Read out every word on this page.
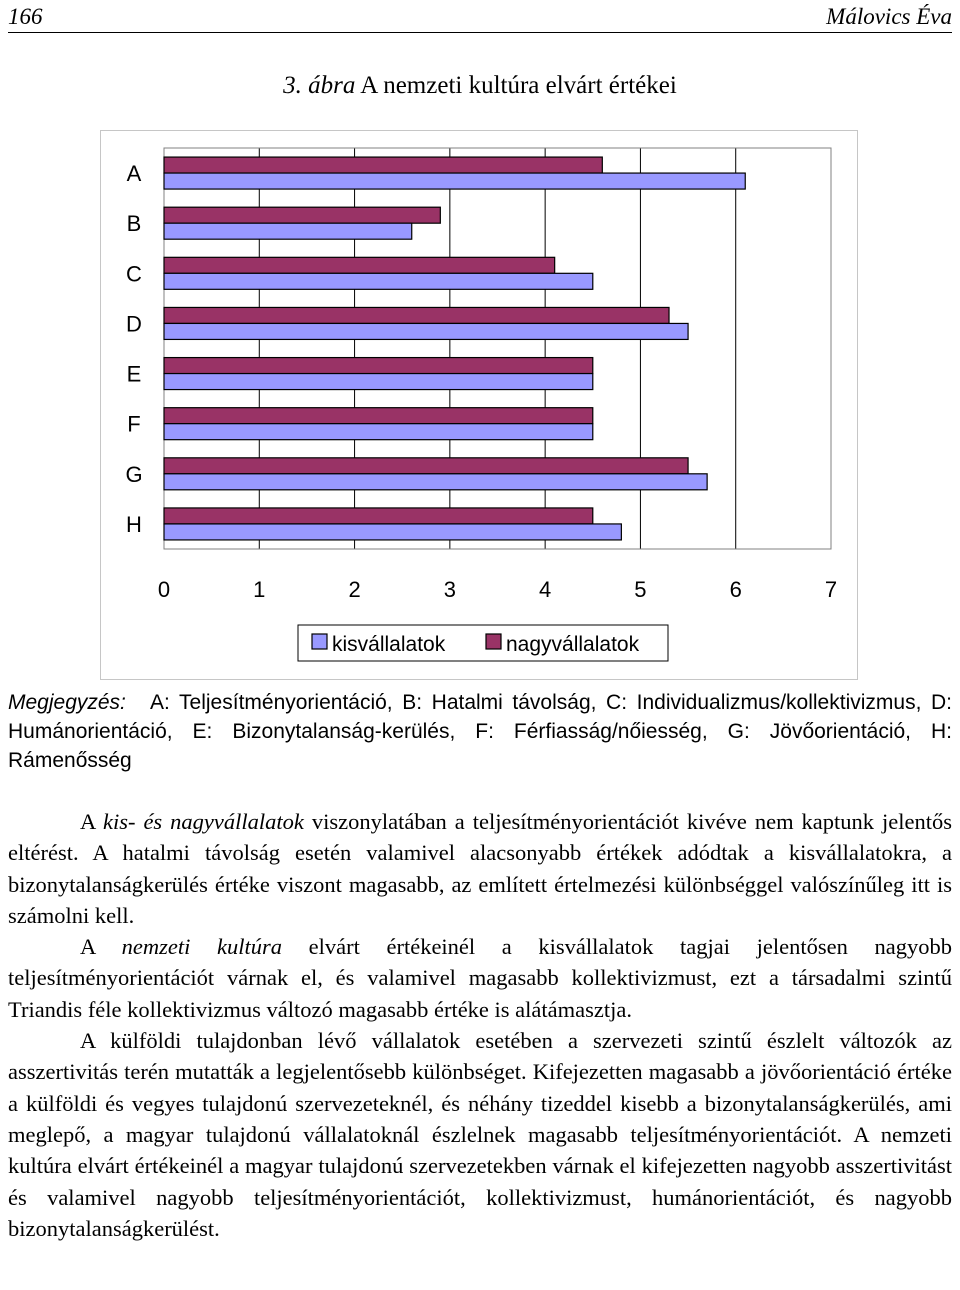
166	Málovics Éva
3. ábra A nemzeti kultúra elvárt értékei
A
B
C
D
E
F
G
H
0	1	2	3	4	5	6	7
kisvállalatok	nagyvállalatok
Megjegyzés:	A: Teljesítményorientáció, B: Hatalmi távolság, C: Individualizmus/kollektivizmus, D: Humánorientáció, E: Bizonytalanság-kerülés, F: Férfiasság/nőiesség, G: Jövőorientáció, H: Rámenősség

A kis- és nagyvállalatok viszonylatában a teljesítményorientációt kivéve nem kaptunk jelentős eltérést. A hatalmi távolság esetén valamivel alacsonyabb értékek adódtak a kisvállalatokra, a bizonytalanságkerülés értéke viszont magasabb, az említett értelmezési különbséggel valószínűleg itt is számolni kell.

A nemzeti kultúra elvárt értékeinél a kisvállalatok tagjai jelentősen nagyobb teljesítményorientációt várnak el, és valamivel magasabb kollektivizmust, ezt a társadalmi szintű Triandis féle kollektivizmus változó magasabb értéke is alátámasztja.

A külföldi tulajdonban lévő vállalatok esetében a szervezeti szintű észlelt változók az asszertivitás terén mutatták a legjelentősebb különbséget. Kifejezetten magasabb a jövőorientáció értéke a külföldi és vegyes tulajdonú szervezeteknél, és néhány tizeddel kisebb a bizonytalanságkerülés, ami meglepő, a magyar tulajdonú vállalatoknál észlelnek magasabb teljesítményorientációt. A nemzeti kultúra elvárt értékeinél a magyar tulajdonú szervezetekben várnak el kifejezetten nagyobb asszertivitást és valamivel nagyobb teljesítményorientációt, kollektivizmust, humánorientációt, és nagyobb bizonytalanságkerülést.
